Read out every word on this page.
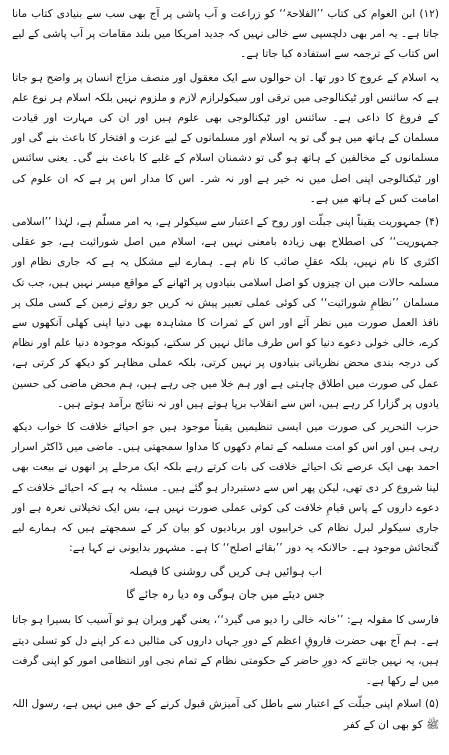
(۱۲) ابن العوام کی کتاب ’’الفلاحۃ‘‘ کو زراعت و آب پاشی پر آج بھی سب سے بنیادی کتاب مانا جاتا ہے۔ یہ امر بھی دلچسپی سے خالی نہیں کہ جدید امریکا میں بلند مقامات پر آب پاشی کے لیے اس کتاب کے ترجمہ سے استفادہ کیا جاتا ہے۔

یہ اسلام کے عروج کا دور تھا۔ ان حوالوں سے ایک معقول اور منصف مزاج انسان پر واضح ہو جاتا ہے کہ سائنس اور ٹیکنالوجی میں ترقی اور سیکولرازم لازم و ملزوم نہیں بلکہ اسلام ہر نوع علم کے فروغ کا داعی ہے۔ سائنس اور ٹیکنالوجی بھی علوم ہیں اور ان کی مہارت اور قیادت مسلمان کے ہاتھ میں ہو گی تو یہ اسلام اور مسلمانوں کے لیے عزت و افتخار کا باعث بنے گی اور مسلمانوں کے مخالفین کے ہاتھ ہو گی تو دشمنان اسلام کے غلبے کا باعث بنے گی۔ یعنی سائنس اور ٹیکنالوجی اپنی اصل میں نہ خیر ہے اور نہ شر۔ اس کا مدار اس پر ہے کہ ان علوم کی امامت کس کے ہاتھ میں ہے۔

(۴) جمہوریت یقیناً اپنی جبلّت اور روح کے اعتبار سے سیکولر ہے، یہ امر مسلّم ہے، لہٰذا ’’اسلامی جمہوریت‘‘ کی اصطلاح بھی زیادہ بامعنی نہیں ہے، اسلام میں اصل شورائیت ہے، جو عقلی اکثری کا نام نہیں، بلکہ عقلِ صائب کا نام ہے۔ ہمارے لیے مشکل یہ ہے کہ جاری نظام اور مسلمہ حالات میں ان چیزوں کو اصل اسلامی بنیادوں پر اٹھانے کے مواقع میسر نہیں ہیں، جب تک مسلمان ’’نظامِ شورائیت‘‘ کی کوئی عملی تعبیر پیش نہ کریں جو روئے زمین کے کسی ملک پر نافذ العمل صورت میں نظر آئے اور اس کے ثمرات کا مشاہدہ بھی دنیا اپنی کھلی آنکھوں سے کرے، خالی خولی دعوے دنیا کو اس طرف مائل نہیں کر سکتے، کیونکہ موجودہ دنیا علم اور نظام کی درجہ بندی محض نظریاتی بنیادوں پر نہیں کرتی، بلکہ عملی مظاہر کو دیکھ کر کرتی ہے، عمل کی صورت میں اطلاق چاہتی ہے اور ہم خلا میں جی رہے ہیں، ہم محض ماضی کی حسین یادوں پر گزارا کر رہے ہیں، اس سے انقلاب برپا ہوتے ہیں اور نہ نتائج برآمد ہوتے ہیں۔

حزب التحریر کی صورت میں ایسی تنظیمیں یقیناً موجود ہیں جو احیائے خلافت کا خواب دیکھ رہی ہیں اور اس کو امت مسلمہ کے تمام دکھوں کا مداوا سمجھتی ہیں۔ ماضی میں ڈاکٹر اسرار احمد بھی ایک عرصے تک احیائے خلافت کی بات کرتے رہے بلکہ ایک مرحلے پر انھوں نے بیعت بھی لینا شروع کر دی تھی، لیکن پھر اس سے دستبردار ہو گئے ہیں۔ مسئلہ یہ ہے کہ احیائے خلافت کے دعوے داروں کے پاس قیامِ خلافت کی کوئی عملی صورت نہیں ہے، بس ایک تخیلاتی نعرہ ہے اور جاری سیکولر لبرل نظام کی خرابیوں اور بربادیوں کو بیان کر کے سمجھتے ہیں کہ ہمارے لیے گنجائش موجود ہے۔ حالانکہ یہ دور ’’بقائے اصلح‘‘ کا ہے۔ مشہور بدایونی نے کہا ہے:

اب ہوائیں ہی کریں گی روشنی کا فیصلہ
جس دیئے میں جان ہوگی وہ دیا رہ جائے گا

فارسی کا مقولہ ہے: ’’خانہ خالی را دیو می گیرد‘‘، یعنی گھر ویران ہو تو آسیب کا بسیرا ہو جاتا ہے۔ ہم آج بھی حضرت فاروقِ اعظم کے دورِ جہاں داروں کی مثالیں دے کر اپنے دل کو تسلی دیتے ہیں، یہ نہیں جانتے کہ دورِ حاضر کے حکومتی نظام کے تمام نجی اور انتظامی امور کو اپنی گرفت میں لے رکھا ہے۔

(۵) اسلام اپنی جبلّت کے اعتبار سے باطل کی آمیزش قبول کرنے کے حق میں نہیں ہے، رسول اللہ ﷺ کو بھی ان کے کفر
